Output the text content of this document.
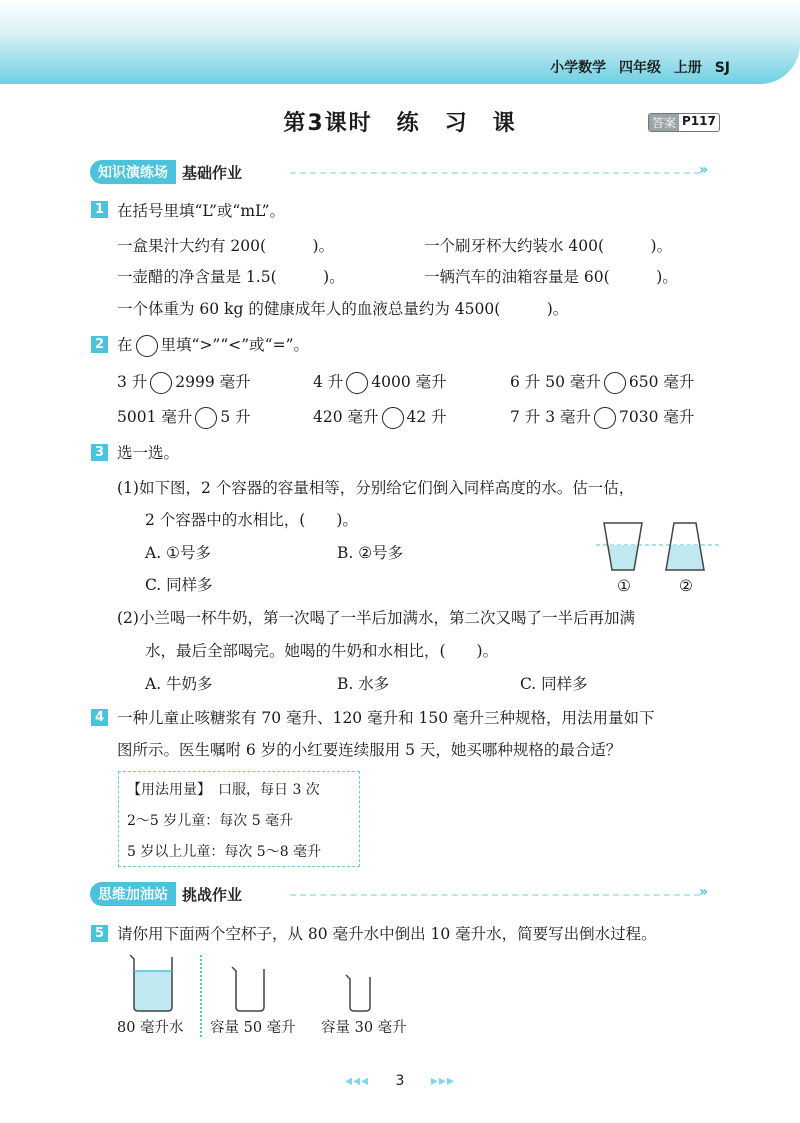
小学数学 四年级 上册 SJ
第3课时　练　习　课	答案 P117
知识演练场 基础作业	»
1 在括号里填“L”或“mL”。
一盒果汁大约有 200(　　　)。	一个刷牙杯大约装水 400(　　　)。
一壶醋的净含量是 1.5(　　　)。	一辆汽车的油箱容量是 60(　　　)。
一个体重为 60 kg 的健康成年人的血液总量约为 4500(　　　)。
2 在 里填“>”“<”或“=”。
3 升 2999 毫升	4 升 4000 毫升	6 升 50 毫升 650 毫升
5001 毫升 5 升	420 毫升 42 升	7 升 3 毫升 7030 毫升
3 选一选。
(1)如下图，2 个容器的容量相等，分别给它们倒入同样高度的水。估一估，
2 个容器中的水相比，(　　)。
A. ①号多	B. ②号多
C. 同样多	①	②
(2)小兰喝一杯牛奶，第一次喝了一半后加满水，第二次又喝了一半后再加满
水，最后全部喝完。她喝的牛奶和水相比，(　　)。
A. 牛奶多	B. 水多	C. 同样多
4 一种儿童止咳糖浆有 70 毫升、120 毫升和 150 毫升三种规格，用法用量如下
图所示。医生嘱咐 6 岁的小红要连续服用 5 天，她买哪种规格的最合适？
【用法用量】　口服，每日 3 次
2～5 岁儿童：每次 5 毫升
5 岁以上儿童：每次 5～8 毫升
思维加油站 挑战作业	»
5 请你用下面两个空杯子，从 80 毫升水中倒出 10 毫升水，简要写出倒水过程。
80 毫升水 容量 50 毫升 容量 30 毫升
◂◂◂ 3 ▸▸▸
